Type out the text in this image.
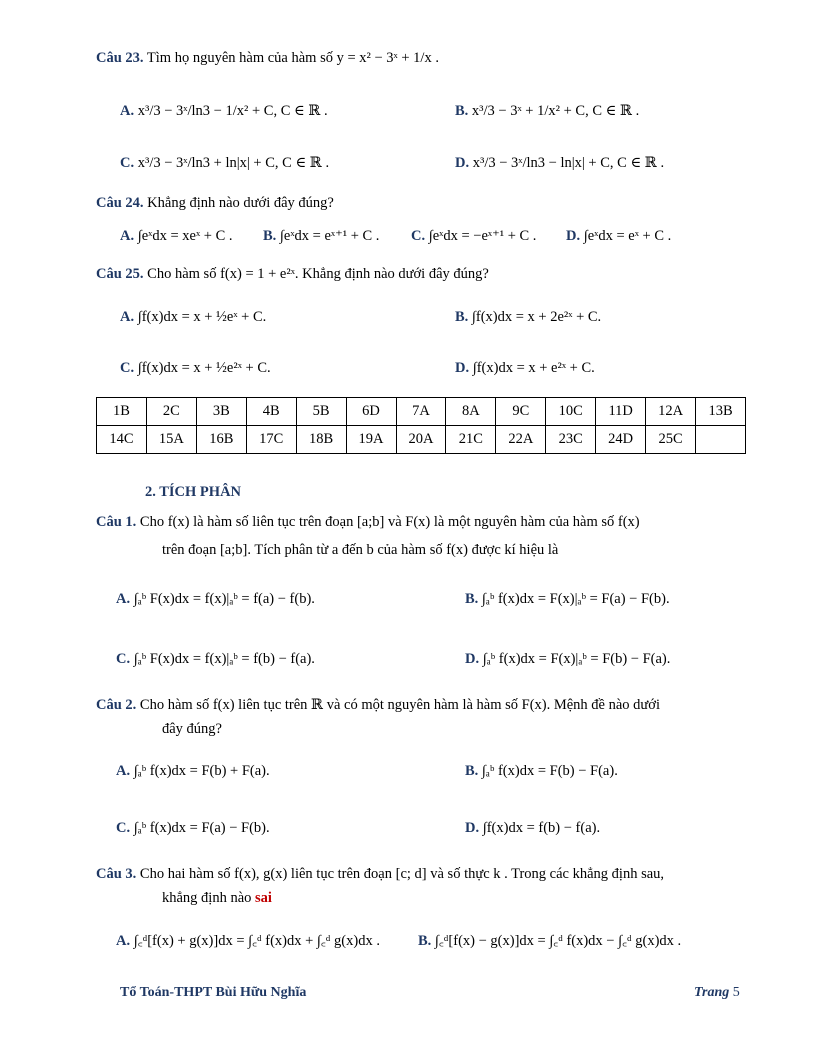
Câu 23. Tìm họ nguyên hàm của hàm số y = x² − 3ˣ + 1/x .
A. x³/3 − 3ˣ/ln3 − 1/x² + C, C ∈ ℝ .	B. x³/3 − 3ˣ + 1/x² + C, C ∈ ℝ .
C. x³/3 − 3ˣ/ln3 + ln|x| + C, C ∈ ℝ .	D. x³/3 − 3ˣ/ln3 − ln|x| + C, C ∈ ℝ .
Câu 24. Khẳng định nào dưới đây đúng?
A. ∫eˣdx = xeˣ + C . B. ∫eˣdx = eˣ⁺¹ + C . C. ∫eˣdx = −eˣ⁺¹ + C . D. ∫eˣdx = eˣ + C .
Câu 25. Cho hàm số f(x) = 1 + e²ˣ. Khẳng định nào dưới đây đúng?
A. ∫f(x)dx = x + ½eˣ + C.	B. ∫f(x)dx = x + 2e²ˣ + C.
C. ∫f(x)dx = x + ½e²ˣ + C.	D. ∫f(x)dx = x + e²ˣ + C.
1B	2C	3B	4B	5B	6D	7A	8A	9C	10C	11D	12A	13B
14C	15A	16B	17C	18B	19A	20A	21C	22A	23C	24D	25C	
2. TÍCH PHÂN
Câu 1. Cho f(x) là hàm số liên tục trên đoạn [a;b] và F(x) là một nguyên hàm của hàm số f(x)
trên đoạn [a;b]. Tích phân từ a đến b của hàm số f(x) được kí hiệu là
A. ∫ₐᵇ F(x)dx = f(x)|ₐᵇ = f(a) − f(b).	B. ∫ₐᵇ f(x)dx = F(x)|ₐᵇ = F(a) − F(b).
C. ∫ₐᵇ F(x)dx = f(x)|ₐᵇ = f(b) − f(a).	D. ∫ₐᵇ f(x)dx = F(x)|ₐᵇ = F(b) − F(a).
Câu 2. Cho hàm số f(x) liên tục trên ℝ và có một nguyên hàm là hàm số F(x). Mệnh đề nào dưới
đây đúng?
A. ∫ₐᵇ f(x)dx = F(b) + F(a).	B. ∫ₐᵇ f(x)dx = F(b) − F(a).
C. ∫ₐᵇ f(x)dx = F(a) − F(b).	D. ∫f(x)dx = f(b) − f(a).
Câu 3. Cho hai hàm số f(x), g(x) liên tục trên đoạn [c; d] và số thực k . Trong các khẳng định sau,
khẳng định nào sai
A. ∫꜀ᵈ[f(x) + g(x)]dx = ∫꜀ᵈ f(x)dx + ∫꜀ᵈ g(x)dx .	B. ∫꜀ᵈ[f(x) − g(x)]dx = ∫꜀ᵈ f(x)dx − ∫꜀ᵈ g(x)dx .
Tổ Toán-THPT Bùi Hữu Nghĩa	Trang 5
